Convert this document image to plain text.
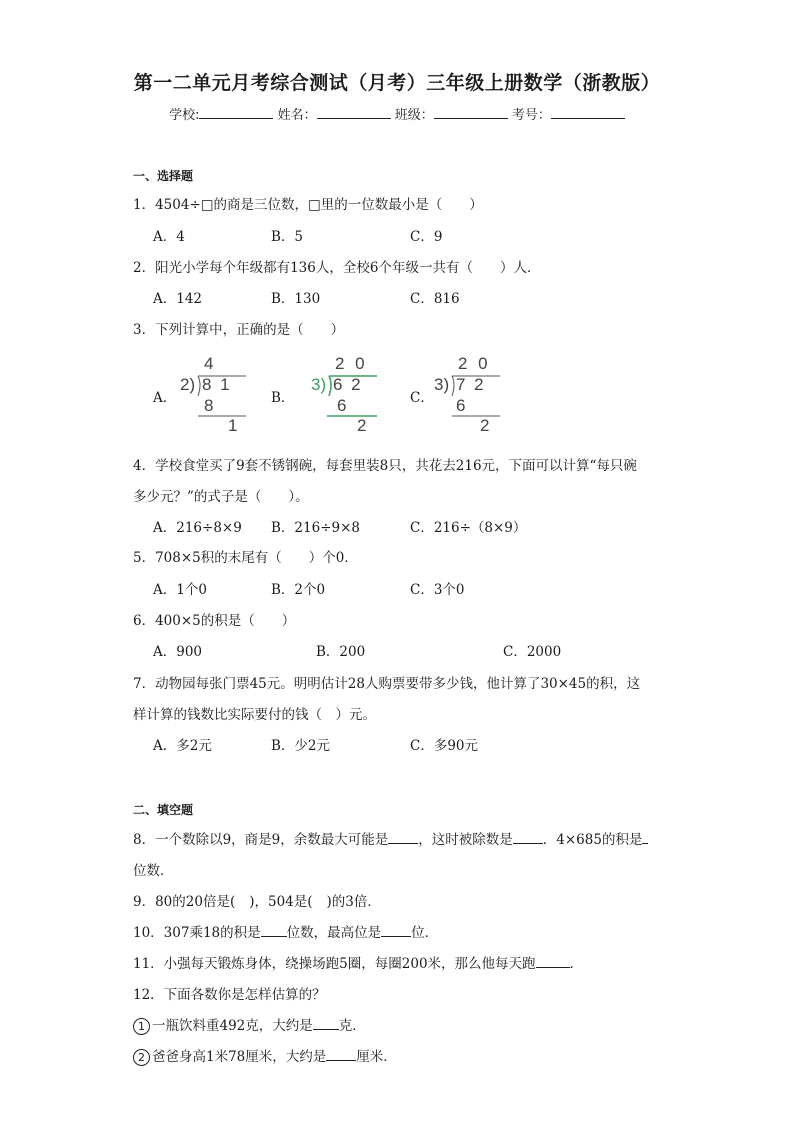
第一二单元月考综合测试（月考）三年级上册数学（浙教版）
学校:	姓名：	班级：	考号：
一、选择题
1．4504÷□的商是三位数，□里的一位数最小是（　　）
A．4	B．5	C．9
2．阳光小学每个年级都有136人，全校6个年级一共有（　　）人．
A．142	B．130	C．816
3．下列计算中，正确的是（　　）
A．	B．	C．
4
2) 8 1
8
1
2 0
3) 6 2
6
2
2 0
3) 7 2
6
2
4．学校食堂买了9套不锈钢碗，每套里装8只，共花去216元，下面可以计算“每只碗
多少元？”的式子是（　　）。
A．216÷8×9 B．216÷9×8	C．216÷（8×9）
5．708×5积的末尾有（　　）个0．
A．1个0	B．2个0	C．3个0
6．400×5的积是（　　）
A．900	B．200	C．2000
7．动物园每张门票45元。明明估计28人购票要带多少钱，他计算了30×45的积，这
样计算的钱数比实际要付的钱（　）元。
A．多2元	B．少2元	C．多90元
二、填空题
8．一个数除以9，商是9，余数最大可能是 ，这时被除数是 ．4×685的积是
位数．
9．80的20倍是( )，504是( )的3倍．
10．307乘18的积是 位数，最高位是 位．
11．小强每天锻炼身体，绕操场跑5圈，每圈200米，那么他每天跑	．
12．下面各数你是怎样估算的？
1 一瓶饮料重492克，大约是 克．
2 爸爸身高1米78厘米，大约是 厘米．
